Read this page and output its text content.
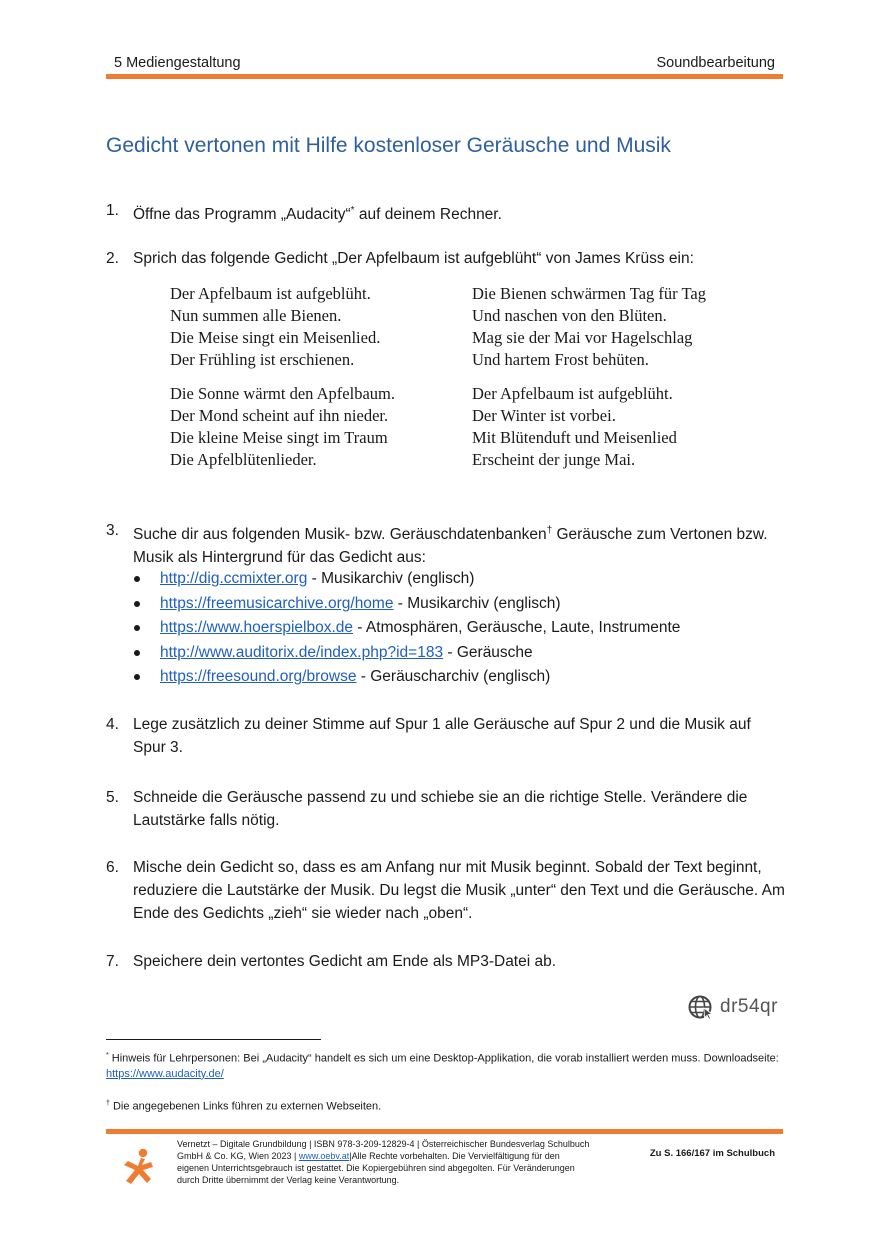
5 Mediengestaltung	Soundbearbeitung
Gedicht vertonen mit Hilfe kostenloser Geräusche und Musik
1. Öffne das Programm „Audacity“* auf deinem Rechner.
2. Sprich das folgende Gedicht „Der Apfelbaum ist aufgeblüht“ von James Krüss ein:
Der Apfelbaum ist aufgeblüht.
Nun summen alle Bienen.
Die Meise singt ein Meisenlied.
Der Frühling ist erschienen.
Die Bienen schwärmen Tag für Tag
Und naschen von den Blüten.
Mag sie der Mai vor Hagelschlag
Und hartem Frost behüten.
Die Sonne wärmt den Apfelbaum.
Der Mond scheint auf ihn nieder.
Die kleine Meise singt im Traum
Die Apfelblütenlieder.
Der Apfelbaum ist aufgeblüht.
Der Winter ist vorbei.
Mit Blütenduft und Meisenlied
Erscheint der junge Mai.
3. Suche dir aus folgenden Musik- bzw. Geräuschdatenbanken† Geräusche zum Vertonen bzw. Musik als Hintergrund für das Gedicht aus:
http://dig.ccmixter.org - Musikarchiv (englisch)
https://freemusicarchive.org/home - Musikarchiv (englisch)
https://www.hoerspielbox.de - Atmosphären, Geräusche, Laute, Instrumente
http://www.auditorix.de/index.php?id=183 - Geräusche
https://freesound.org/browse - Geräuscharchiv (englisch)
4. Lege zusätzlich zu deiner Stimme auf Spur 1 alle Geräusche auf Spur 2 und die Musik auf Spur 3.
5. Schneide die Geräusche passend zu und schiebe sie an die richtige Stelle. Verändere die Lautstärke falls nötig.
6. Mische dein Gedicht so, dass es am Anfang nur mit Musik beginnt. Sobald der Text beginnt, reduziere die Lautstärke der Musik. Du legst die Musik „unter“ den Text und die Geräusche. Am Ende des Gedichts „zieh“ sie wieder nach „oben“.
7. Speichere dein vertontes Gedicht am Ende als MP3-Datei ab.
dr54qr
* Hinweis für Lehrpersonen: Bei „Audacity“ handelt es sich um eine Desktop-Applikation, die vorab installiert werden muss. Downloadseite: https://www.audacity.de/
† Die angegebenen Links führen zu externen Webseiten.
Vernetzt – Digitale Grundbildung | ISBN 978-3-209-12829-4 | Österreichischer Bundesverlag Schulbuch
GmbH & Co. KG, Wien 2023 | www.oebv.at|Alle Rechte vorbehalten. Die Vervielfältigung für den
eigenen Unterrichtsgebrauch ist gestattet. Die Kopiergebühren sind abgegolten. Für Veränderungen
durch Dritte übernimmt der Verlag keine Verantwortung.
Zu S. 166/167 im Schulbuch
